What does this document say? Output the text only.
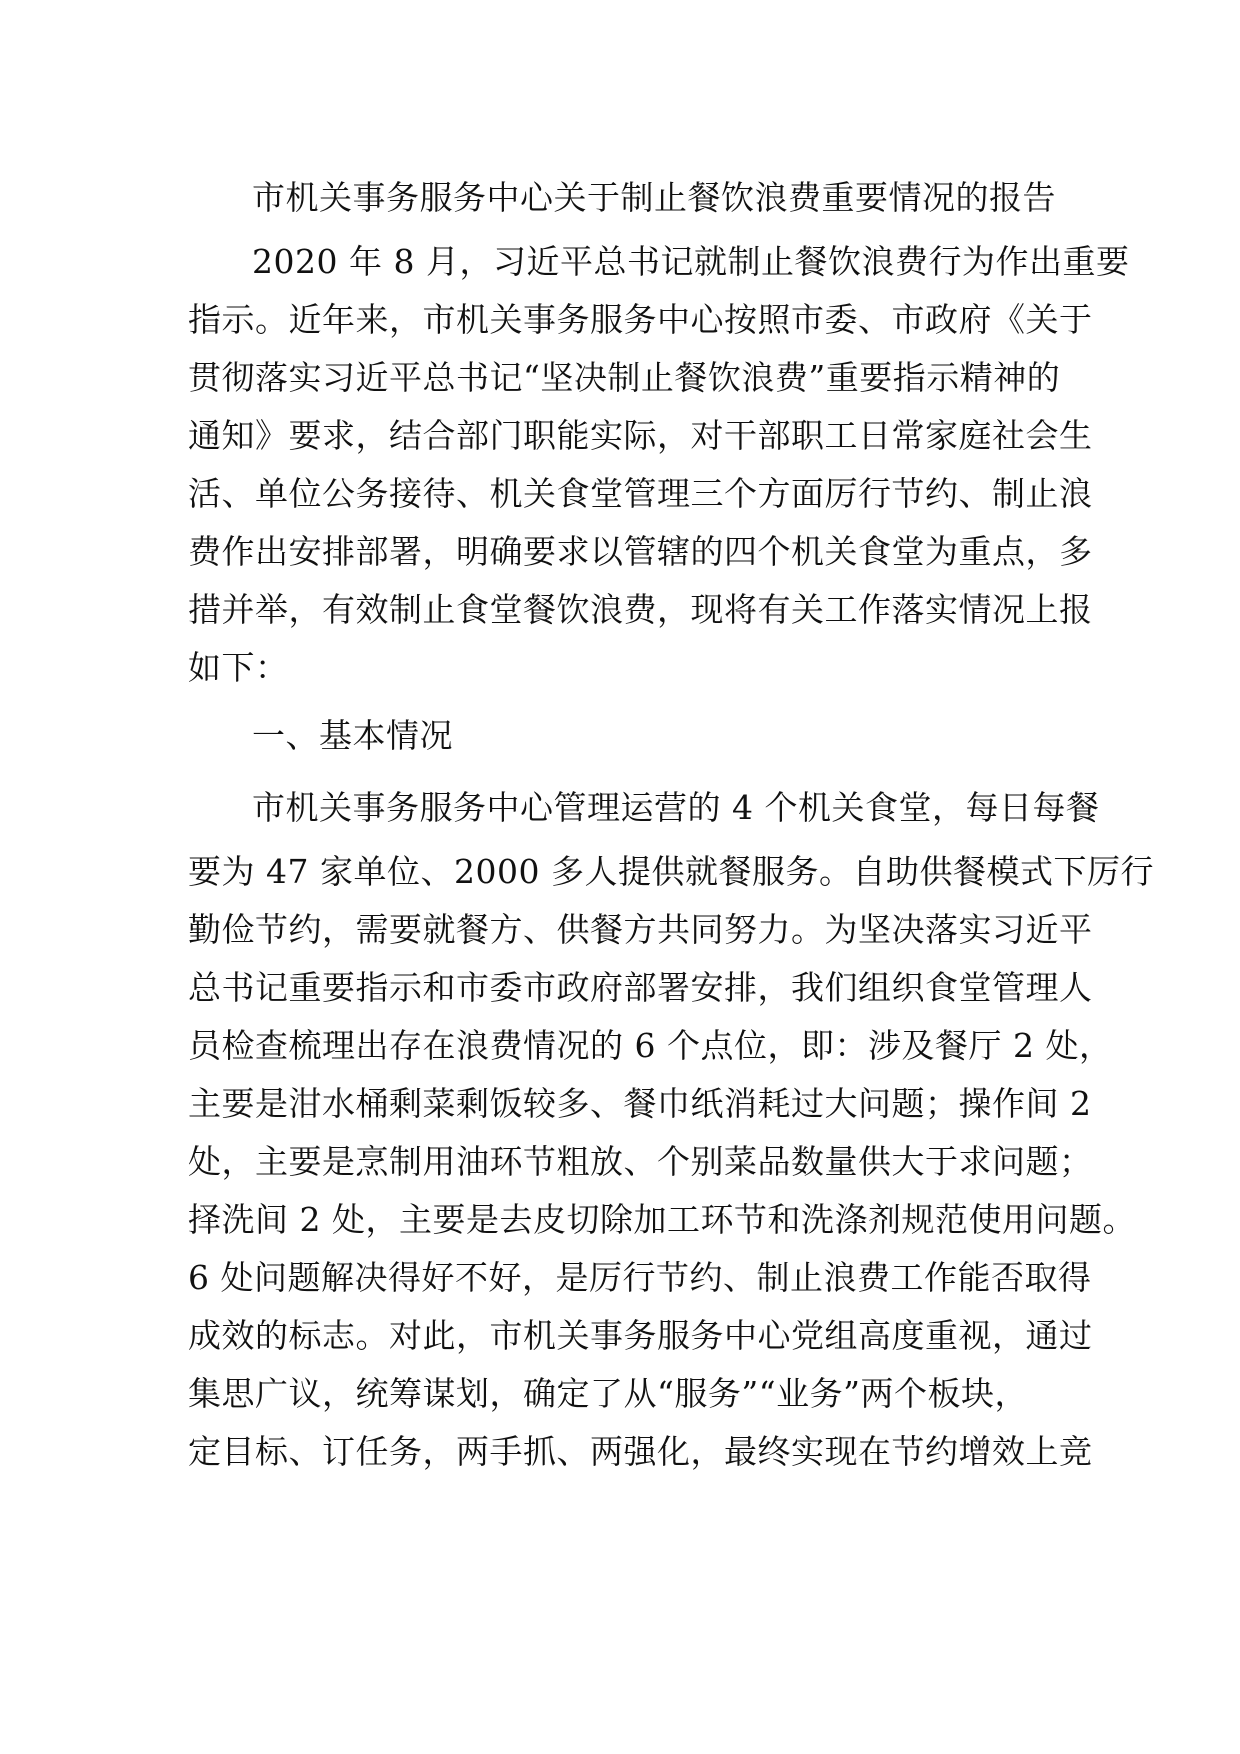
市机关事务服务中心关于制止餐饮浪费重要情况的报告
2020 年 8 月，习近平总书记就制止餐饮浪费行为作出重要
指示。近年来，市机关事务服务中心按照市委、市政府《关于
贯彻落实习近平总书记“坚决制止餐饮浪费”重要指示精神的
通知》要求，结合部门职能实际，对干部职工日常家庭社会生
活、单位公务接待、机关食堂管理三个方面厉行节约、制止浪
费作出安排部署，明确要求以管辖的四个机关食堂为重点，多
措并举，有效制止食堂餐饮浪费，现将有关工作落实情况上报
如下：
一、基本情况
市机关事务服务中心管理运营的 4 个机关食堂，每日每餐
要为 47 家单位、2000 多人提供就餐服务。自助供餐模式下厉行
勤俭节约，需要就餐方、供餐方共同努力。为坚决落实习近平
总书记重要指示和市委市政府部署安排，我们组织食堂管理人
员检查梳理出存在浪费情况的 6 个点位，即：涉及餐厅 2 处，
主要是泔水桶剩菜剩饭较多、餐巾纸消耗过大问题；操作间 2
处，主要是烹制用油环节粗放、个别菜品数量供大于求问题；
择洗间 2 处，主要是去皮切除加工环节和洗涤剂规范使用问题。
6 处问题解决得好不好，是厉行节约、制止浪费工作能否取得
成效的标志。对此，市机关事务服务中心党组高度重视，通过
集思广议，统筹谋划，确定了从“服务”“业务”两个板块，
定目标、订任务，两手抓、两强化，最终实现在节约增效上竞
